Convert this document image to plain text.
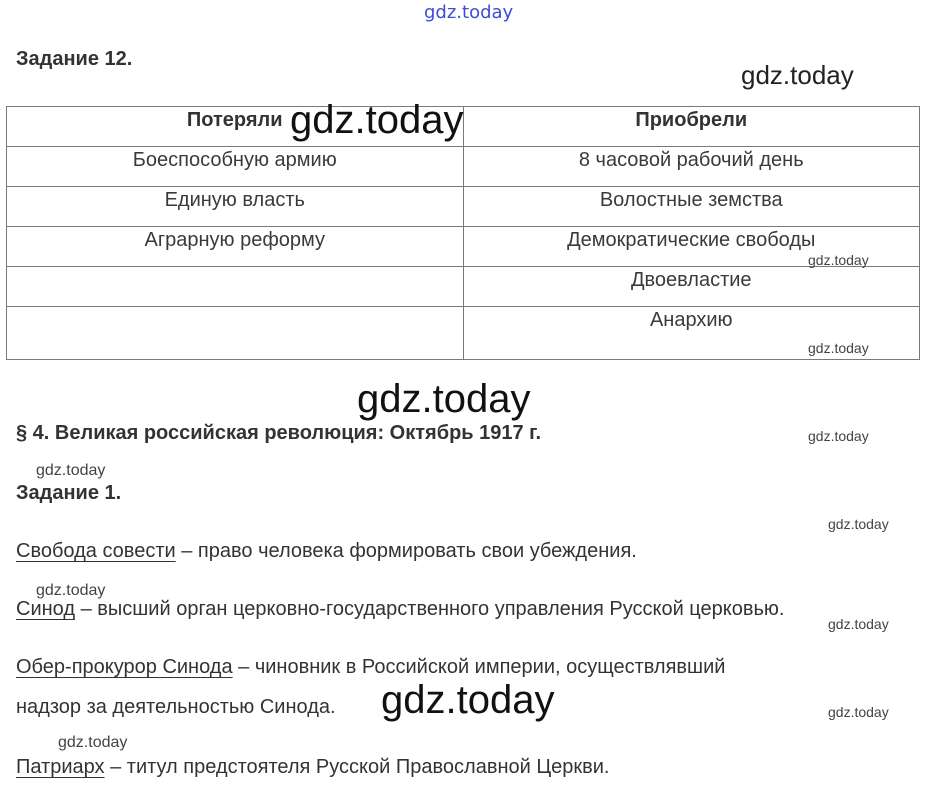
Задание 12.
Потеряли	Приобрели
Боеспособную армию	8 часовой рабочий день
Единую власть	Волостные земства
Аграрную реформу	Демократические свободы
	Двоевластие
	Анархию
§ 4. Великая российская революция: Октябрь 1917 г.
Задание 1.
Свобода совести – право человека формировать свои убеждения.
Синод – высший орган церковно-государственного управления Русской церковью.
Обер-прокурор Синода – чиновник в Российской империи, осуществлявший
надзор за деятельностью Синода.
Патриарх – титул предстоятеля Русской Православной Церкви.
gdz.today
gdz.today
gdz.today
gdz.today
gdz.today
gdz.today
gdz.today
gdz.today
gdz.today
gdz.today
gdz.today
gdz.today	gdz.today
gdz.today
